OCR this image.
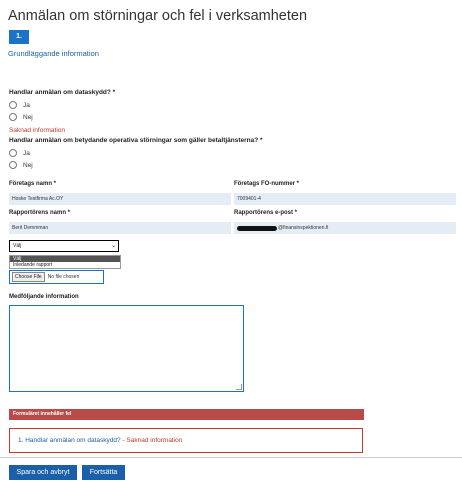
Anmälan om störningar och fel i verksamheten
1.
Grundläggande information
Handlar anmälan om dataskydd? *
Ja
Nej
Saknad information
Handlar anmälan om betydande operativa störningar som gäller betaltjänsterna? *
Ja
Nej
Företags namn *
Hoske Testfirma Ac.OY
Företags FO-nummer *
7009401-4
Rapportörens namn *
Berit Demmman
Rapportörens e-post *
@finansinspektionen.fi
Välj	⌄
Välj
Inledande rapport
Choose File	No file chosen
Medföljande information
Formuläret innehåller fel
1. Handlar anmälan om dataskydd? - Saknad information
Spara och avbryt	Fortsätta
